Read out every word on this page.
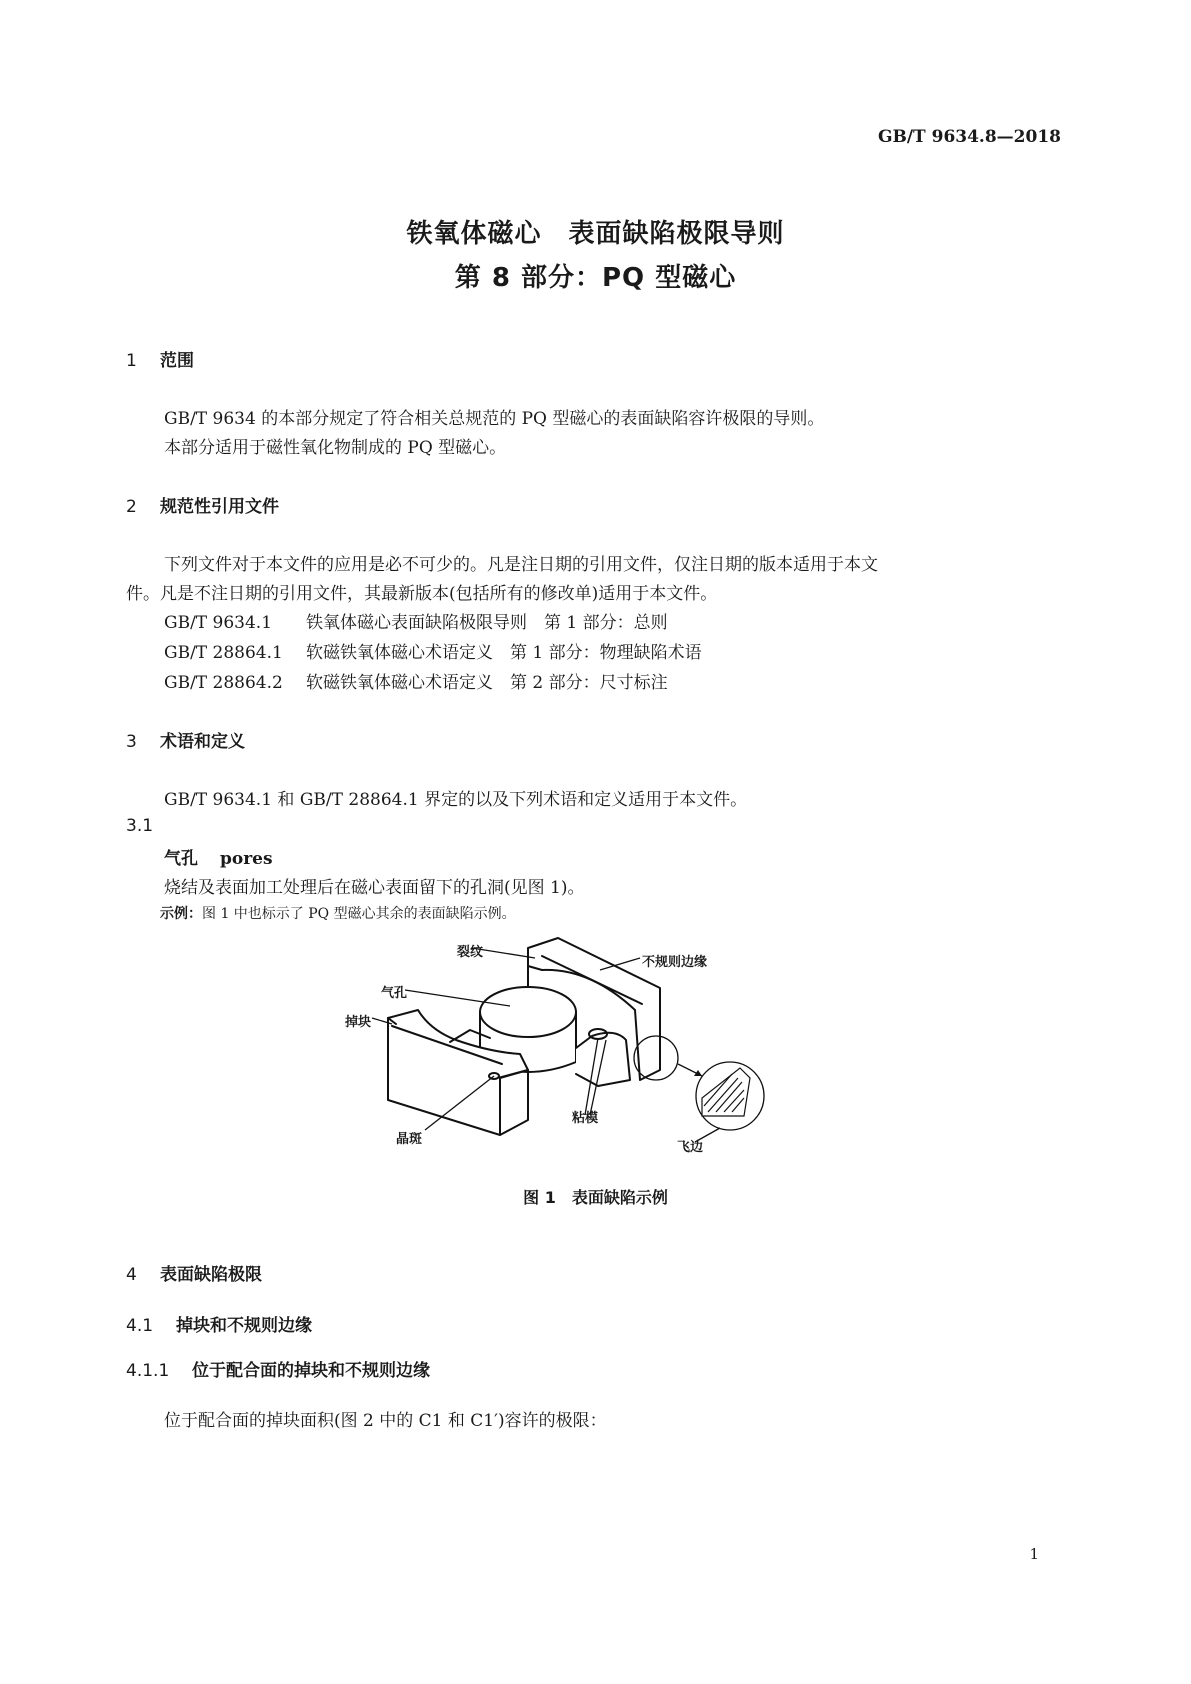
GB/T 9634.8—2018
铁氧体磁心　表面缺陷极限导则
第 8 部分：PQ 型磁心
1 范围
GB/T 9634 的本部分规定了符合相关总规范的 PQ 型磁心的表面缺陷容许极限的导则。
本部分适用于磁性氧化物制成的 PQ 型磁心。
2 规范性引用文件
下列文件对于本文件的应用是必不可少的。凡是注日期的引用文件，仅注日期的版本适用于本文
件。凡是不注日期的引用文件，其最新版本(包括所有的修改单)适用于本文件。
GB/T 9634.1 铁氧体磁心表面缺陷极限导则　第 1 部分：总则
GB/T 28864.1 软磁铁氧体磁心术语定义　第 1 部分：物理缺陷术语
GB/T 28864.2 软磁铁氧体磁心术语定义　第 2 部分：尺寸标注
3 术语和定义
GB/T 9634.1 和 GB/T 28864.1 界定的以及下列术语和定义适用于本文件。
3.1
气孔 pores
烧结及表面加工处理后在磁心表面留下的孔洞(见图 1)。
示例：图 1 中也标示了 PQ 型磁心其余的表面缺陷示例。
裂纹
不规则边缘
气孔
掉块
粘模
晶斑
飞边
图 1　表面缺陷示例
4 表面缺陷极限
4.1 掉块和不规则边缘
4.1.1 位于配合面的掉块和不规则边缘
位于配合面的掉块面积(图 2 中的 C1 和 C1′)容许的极限：
1
